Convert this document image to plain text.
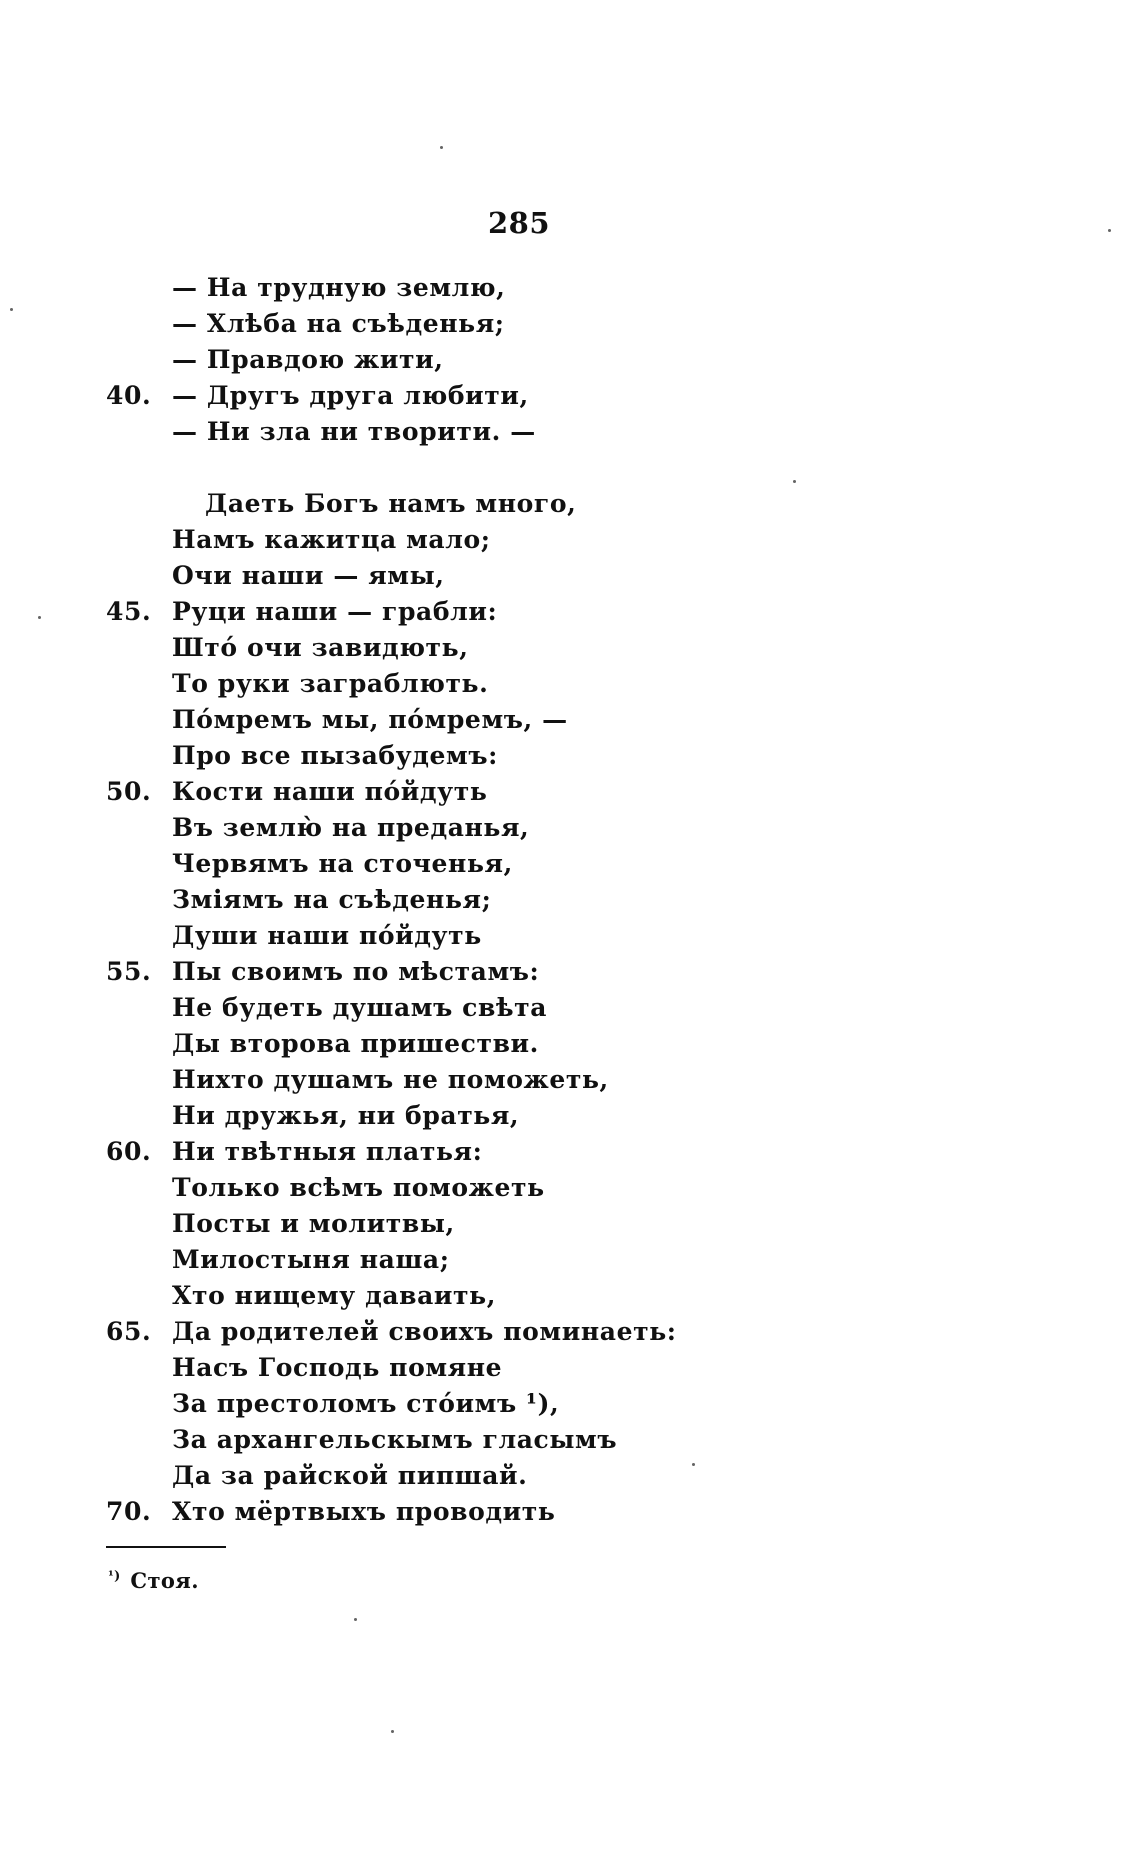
285
— На трудную землю,
— Хлѣба на съѣденья;
— Правдою жити,
40. — Другъ друга любити,
— Ни зла ни творити. —
Даеть Богъ намъ много,
Намъ кажитца мало;
Очи наши — ямы,
45. Руци наши — грабли:
Што́ очи завидють,
То руки заграблють.
По́мремъ мы, по́мремъ, —
Про все пызабудемъ:
50. Кости наши по́йдуть
Въ землю̀ на преданья,
Червямъ на сточенья,
Зміямъ на съѣденья;
Души наши по́йдуть
55. Пы своимъ по мѣстамъ:
Не будеть душамъ свѣта
Ды второва пришестви.
Нихто душамъ не поможеть,
Ни дружья, ни братья,
60. Ни твѣтныя платья:
Только всѣмъ поможеть
Посты и молитвы,
Милостыня наша;
Хто нищему даваить,
65. Да родителей своихъ поминаеть:
Насъ Господь помяне
За престоломъ сто́имъ ¹),
За архангельскымъ гласымъ
Да за райской пипшай.
70. Хто мёртвыхъ проводить
$^{^1)}$ Стоя.
